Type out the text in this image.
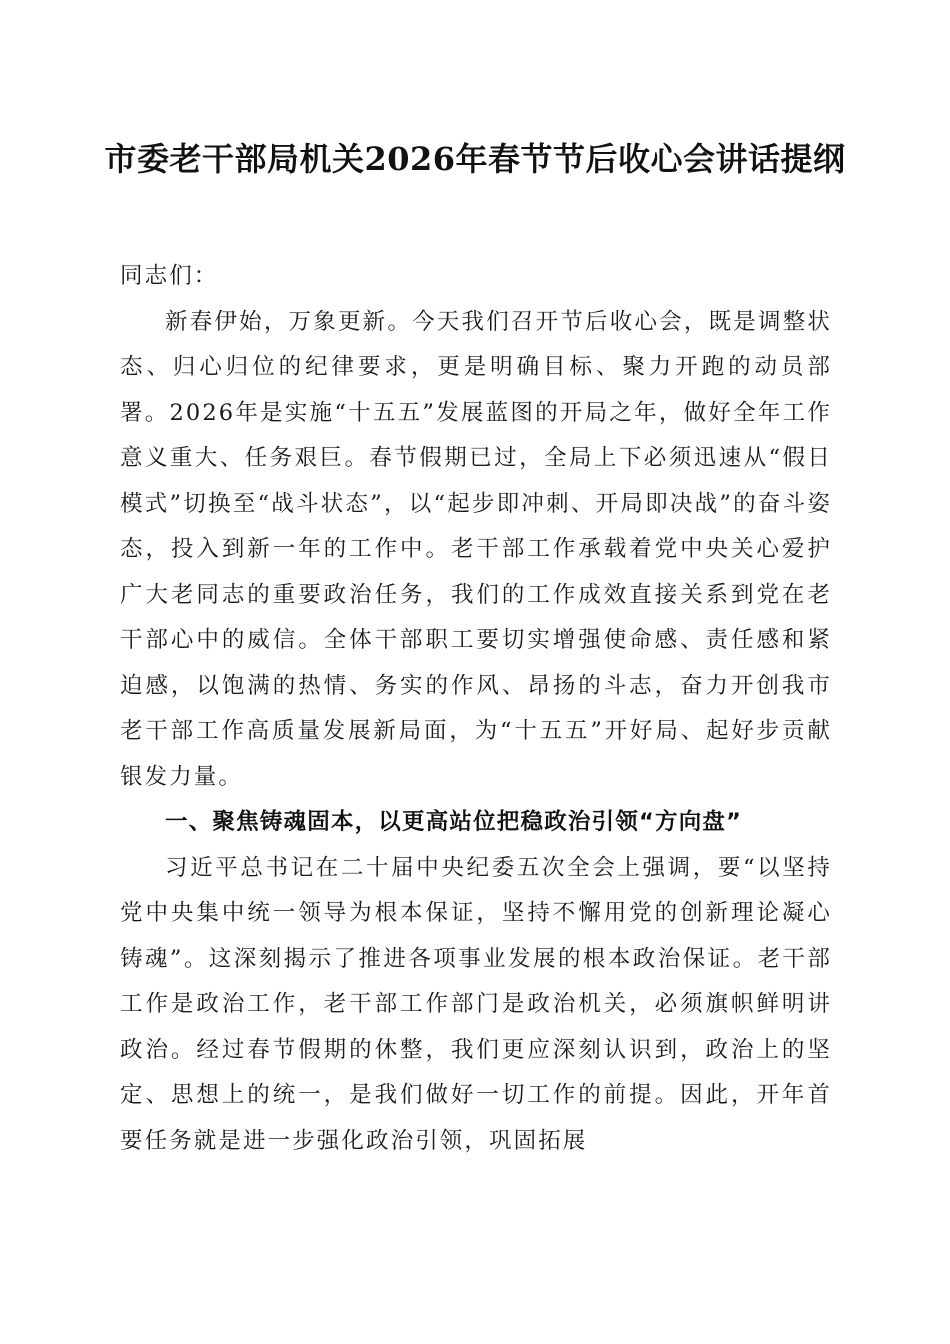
市委老干部局机关2026年春节节后收心会讲话提纲

同志们：

新春伊始，万象更新。今天我们召开节后收心会，既是调整状态、归心归位的纪律要求，更是明确目标、聚力开跑的动员部署。2026年是实施“十五五”发展蓝图的开局之年，做好全年工作意义重大、任务艰巨。春节假期已过，全局上下必须迅速从“假日模式”切换至“战斗状态”，以“起步即冲刺、开局即决战”的奋斗姿态，投入到新一年的工作中。老干部工作承载着党中央关心爱护广大老同志的重要政治任务，我们的工作成效直接关系到党在老干部心中的威信。全体干部职工要切实增强使命感、责任感和紧迫感，以饱满的热情、务实的作风、昂扬的斗志，奋力开创我市老干部工作高质量发展新局面，为“十五五”开好局、起好步贡献银发力量。

一、聚焦铸魂固本，以更高站位把稳政治引领“方向盘”

习近平总书记在二十届中央纪委五次全会上强调，要“以坚持党中央集中统一领导为根本保证，坚持不懈用党的创新理论凝心铸魂”。这深刻揭示了推进各项事业发展的根本政治保证。老干部工作是政治工作，老干部工作部门是政治机关，必须旗帜鲜明讲政治。经过春节假期的休整，我们更应深刻认识到，政治上的坚定、思想上的统一，是我们做好一切工作的前提。因此，开年首要任务就是进一步强化政治引领，巩固拓展
